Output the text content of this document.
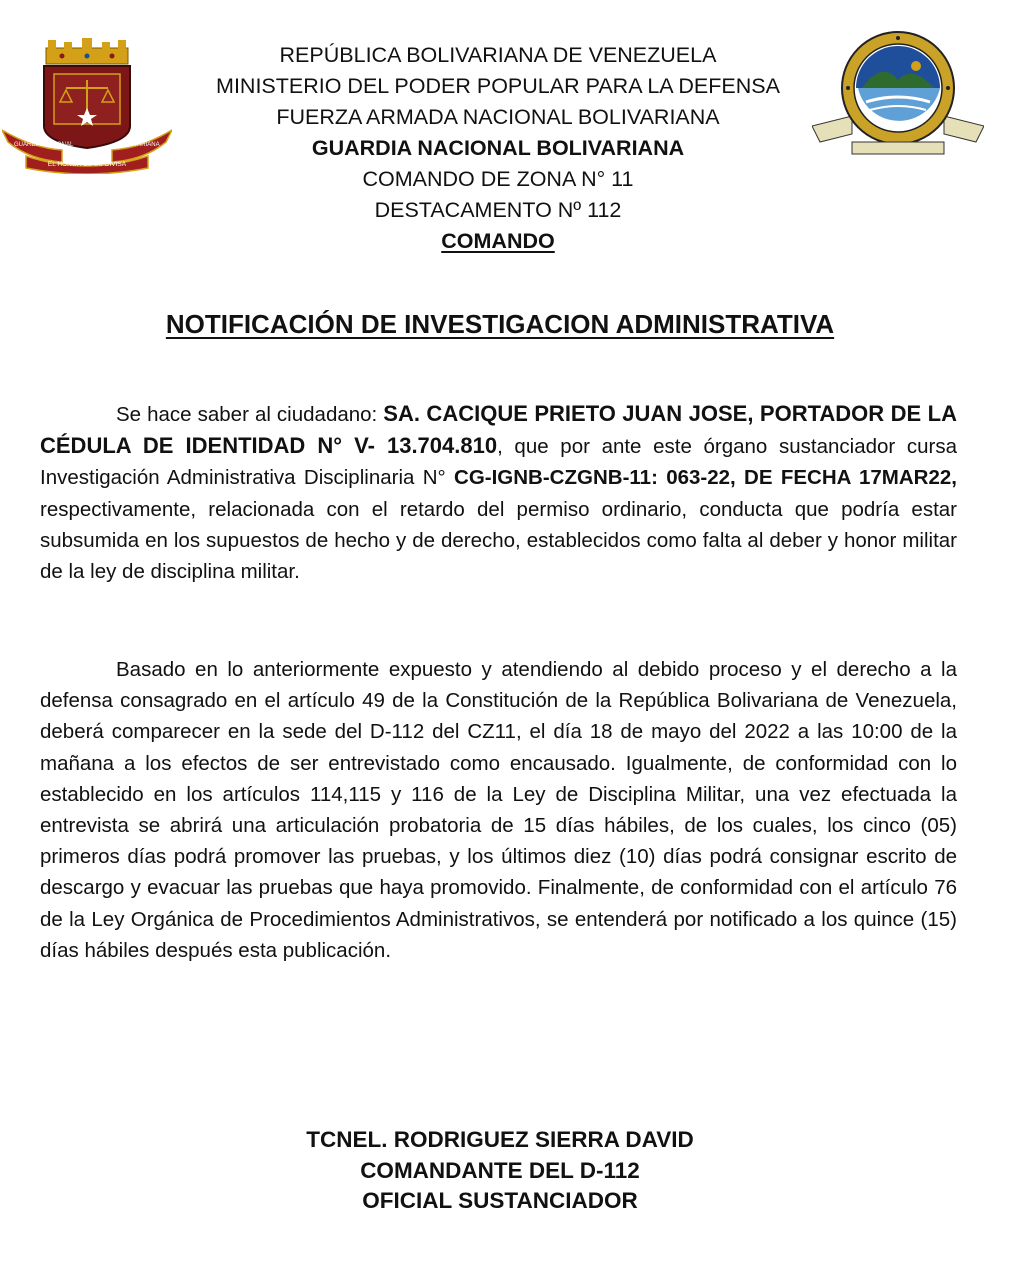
GUARDIA NACIONAL	BOLIVARIANA
EL HONOR ES SU DIVISA
REPÚBLICA BOLIVARIANA DE VENEZUELA
MINISTERIO DEL PODER POPULAR PARA LA DEFENSA
FUERZA ARMADA NACIONAL BOLIVARIANA
GUARDIA NACIONAL BOLIVARIANA
COMANDO DE ZONA N° 11
DESTACAMENTO Nº 112
COMANDO
NOTIFICACIÓN DE INVESTIGACION ADMINISTRATIVA
Se hace saber al ciudadano: SA. CACIQUE PRIETO JUAN JOSE, PORTADOR DE LA CÉDULA DE IDENTIDAD N° V- 13.704.810, que por ante este órgano sustanciador cursa Investigación Administrativa Disciplinaria N° CG-IGNB-CZGNB-11: 063-22, DE FECHA 17MAR22, respectivamente, relacionada con el retardo del permiso ordinario, conducta que podría estar subsumida en los supuestos de hecho y de derecho, establecidos como falta al deber y honor militar de la ley de disciplina militar.
Basado en lo anteriormente expuesto y atendiendo al debido proceso y el derecho a la defensa consagrado en el artículo 49 de la Constitución de la República Bolivariana de Venezuela, deberá comparecer en la sede del D-112 del CZ11, el día 18 de mayo del 2022 a las 10:00 de la mañana a los efectos de ser entrevistado como encausado. Igualmente, de conformidad con lo establecido en los artículos 114,115 y 116 de la Ley de Disciplina Militar, una vez efectuada la entrevista se abrirá una articulación probatoria de 15 días hábiles, de los cuales, los cinco (05) primeros días podrá promover las pruebas, y los últimos diez (10) días podrá consignar escrito de descargo y evacuar las pruebas que haya promovido. Finalmente, de conformidad con el artículo 76 de la Ley Orgánica de Procedimientos Administrativos, se entenderá por notificado a los quince (15) días hábiles después esta publicación.
TCNEL. RODRIGUEZ SIERRA DAVID
COMANDANTE DEL D-112
OFICIAL SUSTANCIADOR
